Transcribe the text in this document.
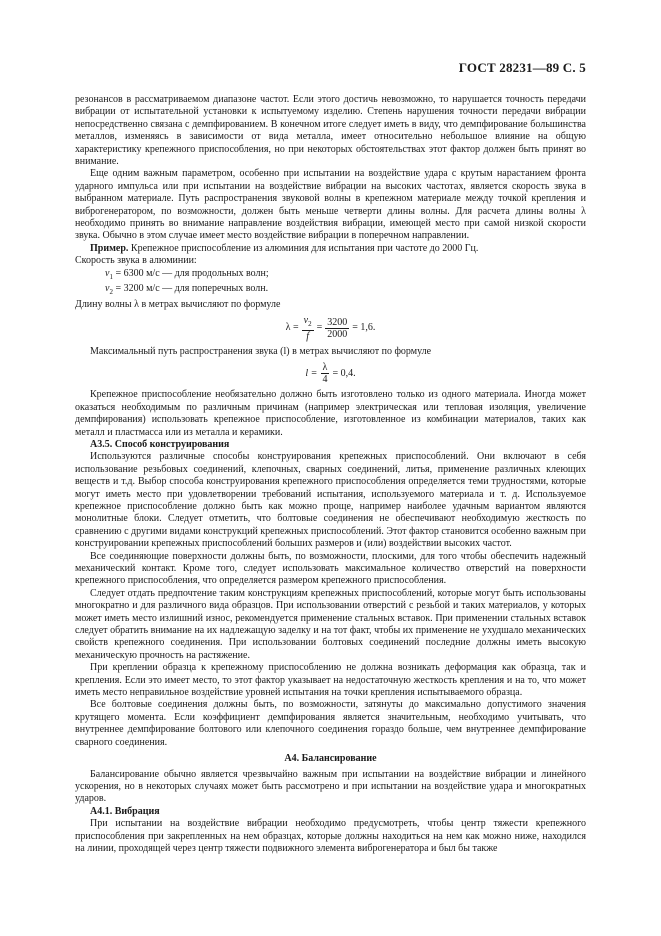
ГОСТ 28231—89 С. 5

резонансов в рассматриваемом диапазоне частот. Если этого достичь невозможно, то нарушается точность передачи вибрации от испытательной установки к испытуемому изделию. Степень нарушения точности передачи вибрации непосредственно связана с демпфированием. В конечном итоге следует иметь в виду, что демпфирование большинства металлов, изменяясь в зависимости от вида металла, имеет относительно небольшое влияние на общую характеристику крепежного приспособления, но при некоторых обстоятельствах этот фактор должен быть принят во внимание.

Еще одним важным параметром, особенно при испытании на воздействие удара с крутым нарастанием фронта ударного импульса или при испытании на воздействие вибрации на высоких частотах, является скорость звука в выбранном материале. Путь распространения звуковой волны в крепежном материале между точкой крепления и виброгенератором, по возможности, должен быть меньше четверти длины волны. Для расчета длины волны λ необходимо принять во внимание направление воздействия вибрации, имеющей место при самой низкой скорости звука. Обычно в этом случае имеет место воздействие вибрации в поперечном направлении.

Пример. Крепежное приспособление из алюминия для испытания при частоте до 2000 Гц.

Скорость звука в алюминии:

$v_1 = 6300$ м/с — для продольных волн;

$v_2 = 3200$ м/с — для поперечных волн.

Длину волны λ в метрах вычисляют по формуле

$\lambda = \frac{v_2}{f} = \frac{3200}{2000} = 1,6$.

Максимальный путь распространения звука (l) в метрах вычисляют по формуле

$l = \frac{\lambda}{4} = 0,4$.

Крепежное приспособление необязательно должно быть изготовлено только из одного материала. Иногда может оказаться необходимым по различным причинам (например электрическая или тепловая изоляция, увеличение демпфирования) использовать крепежное приспособление, изготовленное из комбинации материалов, таких как металл и пластмасса или из металла и керамики.

А3.5. Способ конструирования

Используются различные способы конструирования крепежных приспособлений. Они включают в себя использование резьбовых соединений, клепочных, сварных соединений, литья, применение различных клеющих веществ и т.д. Выбор способа конструирования крепежного приспособления определяется теми трудностями, которые могут иметь место при удовлетворении требований испытания, используемого материала и т. д. Используемое крепежное приспособление должно быть как можно проще, например наиболее удачным вариантом являются монолитные блоки. Следует отметить, что болтовые соединения не обеспечивают необходимую жесткость по сравнению с другими видами конструкций крепежных приспособлений. Этот фактор становится особенно важным при конструировании крепежных приспособлений больших размеров и (или) воздействии высоких частот.

Все соединяющие поверхности должны быть, по возможности, плоскими, для того чтобы обеспечить надежный механический контакт. Кроме того, следует использовать максимальное количество отверстий на поверхности крепежного приспособления, что определяется размером крепежного приспособления.

Следует отдать предпочтение таким конструкциям крепежных приспособлений, которые могут быть использованы многократно и для различного вида образцов. При использовании отверстий с резьбой и таких материалов, у которых может иметь место излишний износ, рекомендуется применение стальных вставок. При применении стальных вставок следует обратить внимание на их надлежащую заделку и на тот факт, чтобы их применение не ухудшало механических свойств крепежного соединения. При использовании болтовых соединений последние должны иметь высокую механическую прочность на растяжение.

При креплении образца к крепежному приспособлению не должна возникать деформация как образца, так и крепления. Если это имеет место, то этот фактор указывает на недостаточную жесткость крепления и на то, что может иметь место неправильное воздействие уровней испытания на точки крепления испытываемого образца.

Все болтовые соединения должны быть, по возможности, затянуты до максимально допустимого значения крутящего момента. Если коэффициент демпфирования является значительным, необходимо учитывать, что внутреннее демпфирование болтового или клепочного соединения гораздо больше, чем внутреннее демпфирование сварного соединения.

А4. Балансирование

Балансирование обычно является чрезвычайно важным при испытании на воздействие вибрации и линейного ускорения, но в некоторых случаях может быть рассмотрено и при испытании на воздействие удара и многократных ударов.

А4.1. Вибрация

При испытании на воздействие вибрации необходимо предусмотреть, чтобы центр тяжести крепежного приспособления при закрепленных на нем образцах, которые должны находиться на нем как можно ниже, находился на линии, проходящей через центр тяжести подвижного элемента виброгенератора и был бы также
